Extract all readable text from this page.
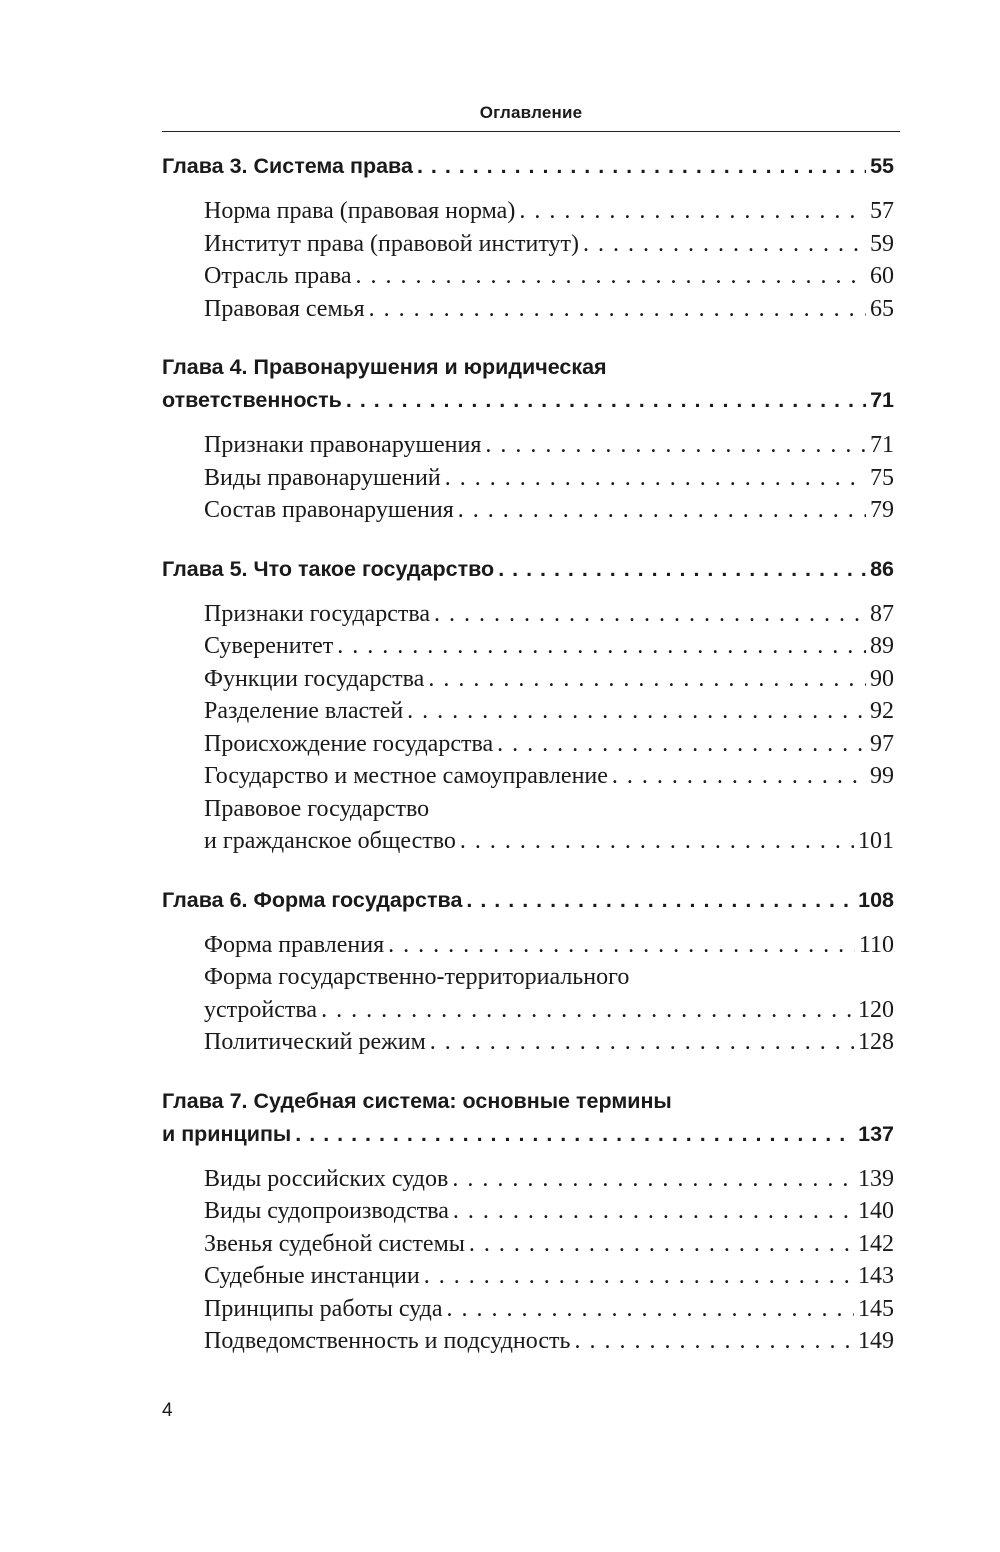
Оглавление
Глава 3. Система права . . .	55
Норма права (правовая норма) . . .	57
Институт права (правовой институт) . . .	59
Отрасль права . . .	60
Правовая семья . . .	65
Глава 4. Правонарушения и юридическая
ответственность . . .	71
Признаки правонарушения . . .	71
Виды правонарушений . . .	75
Состав правонарушения . . .	79
Глава 5. Что такое государство . . .	86
Признаки государства . . .	87
Суверенитет . . .	89
Функции государства . . .	90
Разделение властей . . .	92
Происхождение государства . . .	97
Государство и местное самоуправление . . .	99
Правовое государство
и гражданское общество . . .	101
Глава 6. Форма государства . . .	108
Форма правления . . .	110
Форма государственно-территориального
устройства . . .	120
Политический режим . . .	128
Глава 7. Судебная система: основные термины
и принципы . . .	137
Виды российских судов . . .	139
Виды судопроизводства . . .	140
Звенья судебной системы . . .	142
Судебные инстанции . . .	143
Принципы работы суда . . .	145
Подведомственность и подсудность . . .	149
4
